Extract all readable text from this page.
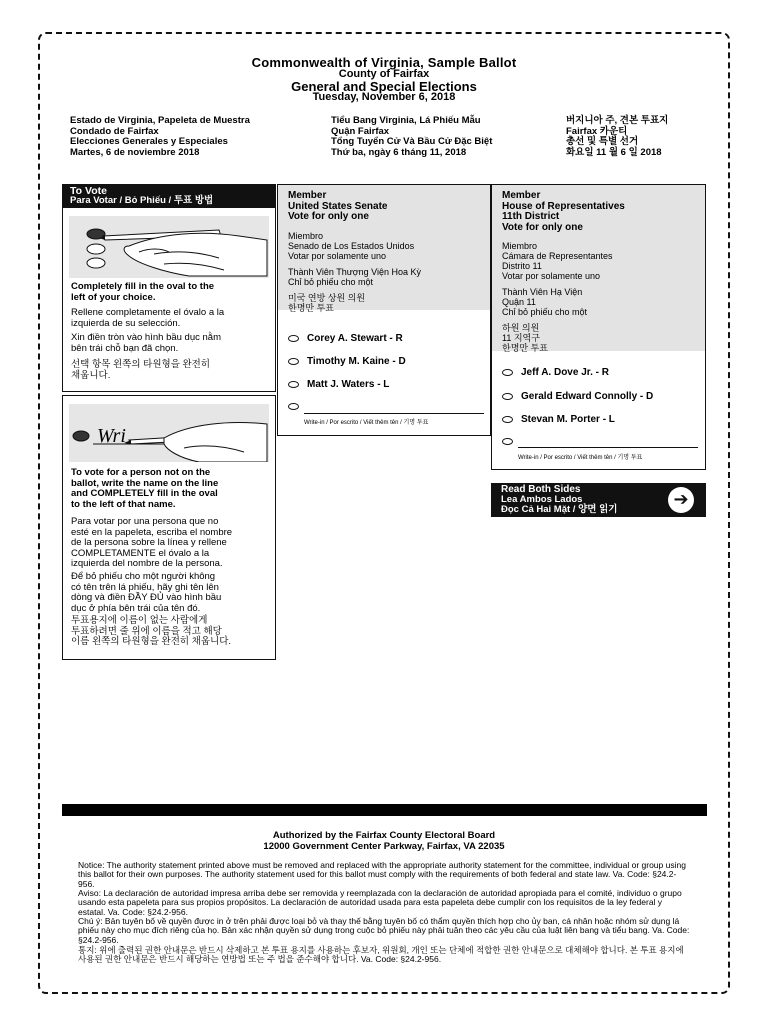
Commonwealth of Virginia, Sample Ballot
County of Fairfax
General and Special Elections
Tuesday, November 6, 2018
Estado de Virginia, Papeleta de Muestra
Condado de Fairfax
Elecciones Generales y Especiales
Martes, 6 de noviembre 2018
Tiểu Bang Virginia, Lá Phiếu Mẫu
Quận Fairfax
Tổng Tuyển Cử Và Bầu Cử Đặc Biệt
Thứ ba, ngày 6 tháng 11, 2018
버지니아 주, 견본 투표지
Fairfax 카운티
총선 및 특별 선거
화요일 11 월 6 일 2018
To Vote
Para Votar / Bỏ Phiếu / 투표 방법
Completely fill in the oval to the
left of your choice.
Rellene completamente el óvalo a la
izquierda de su selección.
Xin điền tròn vào hình bầu dục nằm
bên trái chỗ bạn đã chọn.
선택 항목 왼쪽의 타원형을 완전히
채웁니다.
Wri
To vote for a person not on the
ballot, write the name on the line
and COMPLETELY fill in the oval
to the left of that name.
Para votar por una persona que no
esté en la papeleta, escriba el nombre
de la persona sobre la línea y rellene
COMPLETAMENTE el óvalo a la
izquierda del nombre de la persona.
Để bỏ phiếu cho một người không
có tên trên lá phiếu, hãy ghi tên lên
dòng và điền ĐẦY ĐỦ vào hình bầu
dục ở phía bên trái của tên đó.
투표용지에 이름이 없는 사람에게
투표하려면 줄 위에 이름을 적고 해당
이름 왼쪽의 타원형을 완전히 채웁니다.
Member
United States Senate
Vote for only one
Miembro
Senado de Los Estados Unidos
Votar por solamente uno
Thành Viên Thượng Viện Hoa Kỳ
Chỉ bỏ phiếu cho một
미국 연방 상원 의원
한명만 투표
Corey A. Stewart - R
Timothy M. Kaine - D
Matt J. Waters - L
Write-in / Por escrito / Viết thêm tên / 기명 투표
Member
House of Representatives
11th District
Vote for only one
Miembro
Cámara de Representantes
Distrito 11
Votar por solamente uno
Thành Viên Hạ Viện
Quận 11
Chỉ bỏ phiếu cho một
하원 의원
11 지역구
한명만 투표
Jeff A. Dove Jr. - R
Gerald Edward Connolly - D
Stevan M. Porter - L
Write-in / Por escrito / Viết thêm tên / 기명 투표
Read Both Sides
Lea Ambos Lados
Đọc Cả Hai Mặt / 양면 읽기
➔
Authorized by the Fairfax County Electoral Board
12000 Government Center Parkway, Fairfax, VA 22035
Notice: The authority statement printed above must be removed and replaced with the appropriate authority statement for the committee, individual or group using this ballot for their own purposes. The authority statement used for this ballot must comply with the requirements of both federal and state law. Va. Code: §24.2-956.
Aviso: La declaración de autoridad impresa arriba debe ser removida y reemplazada con la declaración de autoridad apropiada para el comité, individuo o grupo usando esta papeleta para sus propios propósitos. La declaración de autoridad usada para esta papeleta debe cumplir con los requisitos de la ley federal y estatal. Va. Code: §24.2-956.
Chú ý: Bản tuyên bố về quyền được in ở trên phải được loại bỏ và thay thế bằng tuyên bố có thẩm quyền thích hợp cho ủy ban, cá nhân hoặc nhóm sử dụng lá phiếu này cho mục đích riêng của họ. Bản xác nhận quyền sử dụng trong cuộc bỏ phiếu này phải tuân theo các yêu cầu của luật liên bang và tiểu bang. Va. Code: §24.2-956.
통지: 위에 출력된 권한 안내문은 반드시 삭제하고 본 투표 용지를 사용하는 후보자, 위원회, 개인 또는 단체에 적합한 권한 안내문으로 대체해야 합니다. 본 투표 용지에 사용된 권한 안내문은 반드시 해당하는 연방법 또는 주 법을 준수해야 합니다. Va. Code: §24.2-956.
